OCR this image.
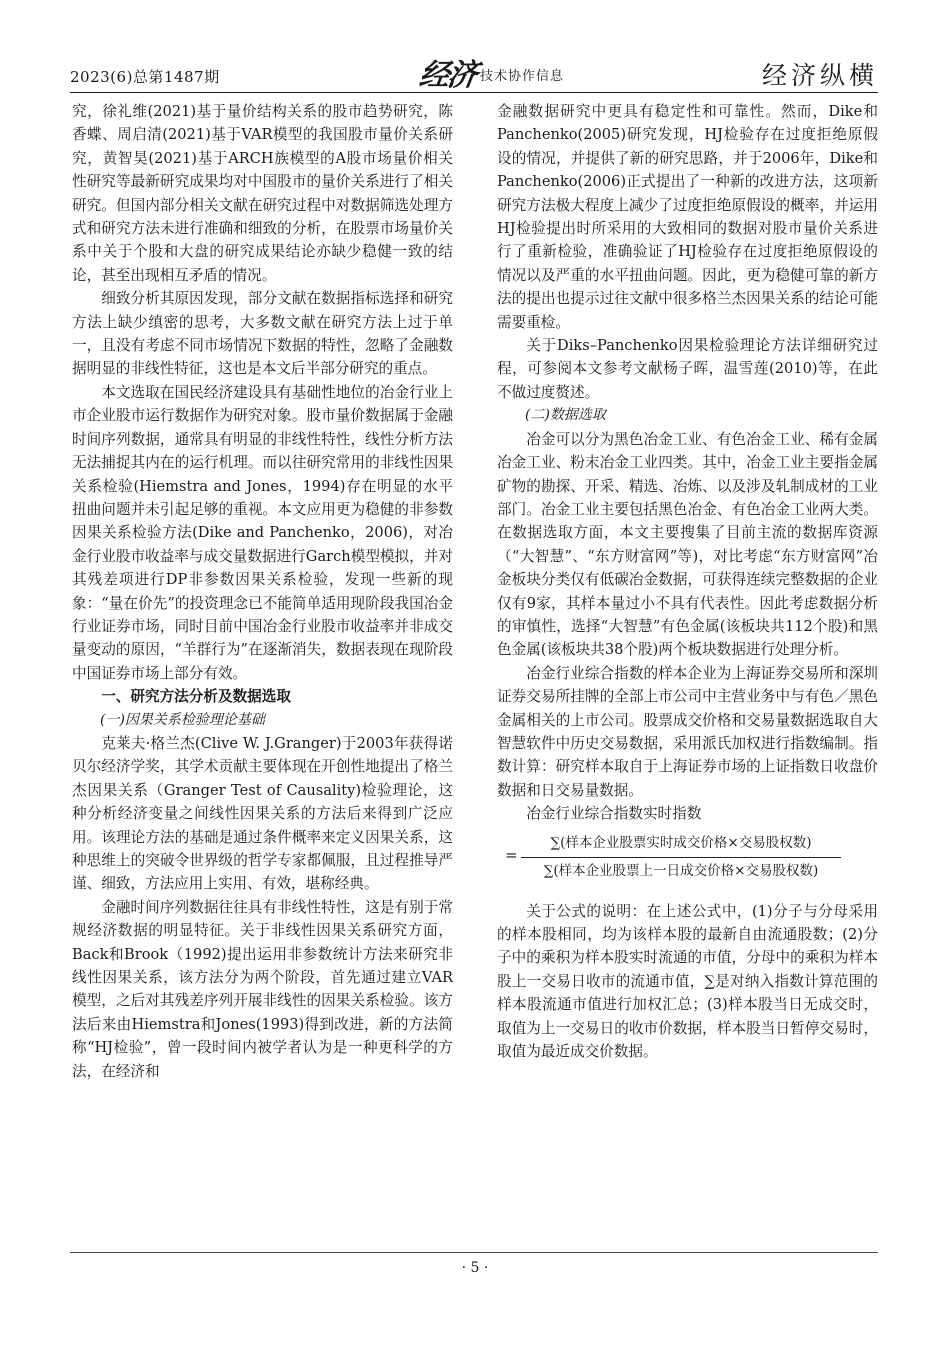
2023(6)总第1487期	经济 技术协作信息	经济纵横

究，徐礼维(2021)基于量价结构关系的股市趋势研究，陈香蝶、周启清(2021)基于VAR模型的我国股市量价关系研究，黄智昊(2021)基于ARCH族模型的A股市场量价相关性研究等最新研究成果均对中国股市的量价关系进行了相关研究。但国内部分相关文献在研究过程中对数据筛选处理方式和研究方法未进行准确和细致的分析，在股票市场量价关系中关于个股和大盘的研究成果结论亦缺少稳健一致的结论，甚至出现相互矛盾的情况。

细致分析其原因发现，部分文献在数据指标选择和研究方法上缺少缜密的思考，大多数文献在研究方法上过于单一，且没有考虑不同市场情况下数据的特性，忽略了金融数据明显的非线性特征，这也是本文后半部分研究的重点。

本文选取在国民经济建设具有基础性地位的冶金行业上市企业股市运行数据作为研究对象。股市量价数据属于金融时间序列数据，通常具有明显的非线性特性，线性分析方法无法捕捉其内在的运行机理。而以往研究常用的非线性因果关系检验(Hiemstra and Jones，1994)存在明显的水平扭曲问题并未引起足够的重视。本文应用更为稳健的非参数因果关系检验方法(Dike and Panchenko，2006)，对冶金行业股市收益率与成交量数据进行Garch模型模拟，并对其残差项进行DP非参数因果关系检验，发现一些新的现象：“量在价先”的投资理念已不能简单适用现阶段我国冶金行业证券市场，同时目前中国冶金行业股市收益率并非成交量变动的原因，“羊群行为”在逐渐消失，数据表现在现阶段中国证券市场上部分有效。

一、研究方法分析及数据选取
(一)因果关系检验理论基础

克莱夫·格兰杰(Clive W. J.Granger)于2003年获得诺贝尔经济学奖，其学术贡献主要体现在开创性地提出了格兰杰因果关系（Granger Test of Causality)检验理论，这种分析经济变量之间线性因果关系的方法后来得到广泛应用。该理论方法的基础是通过条件概率来定义因果关系，这种思维上的突破令世界级的哲学专家都佩服，且过程推导严谨、细致，方法应用上实用、有效，堪称经典。

金融时间序列数据往往具有非线性特性，这是有别于常规经济数据的明显特征。关于非线性因果关系研究方面，Back和Brook（1992)提出运用非参数统计方法来研究非线性因果关系，该方法分为两个阶段，首先通过建立VAR模型，之后对其残差序列开展非线性的因果关系检验。该方法后来由Hiemstra和Jones(1993)得到改进，新的方法简称“HJ检验”，曾一段时间内被学者认为是一种更科学的方法，在经济和

金融数据研究中更具有稳定性和可靠性。然而，Dike和Panchenko(2005)研究发现，HJ检验存在过度拒绝原假设的情况，并提供了新的研究思路，并于2006年，Dike和Panchenko(2006)正式提出了一种新的改进方法，这项新研究方法极大程度上减少了过度拒绝原假设的概率，并运用HJ检验提出时所采用的大致相同的数据对股市量价关系进行了重新检验，准确验证了HJ检验存在过度拒绝原假设的情况以及严重的水平扭曲问题。因此，更为稳健可靠的新方法的提出也提示过往文献中很多格兰杰因果关系的结论可能需要重检。

关于Diks–Panchenko因果检验理论方法详细研究过程，可参阅本文参考文献杨子晖，温雪莲(2010)等，在此不做过度赘述。

(二)数据选取

冶金可以分为黑色冶金工业、有色冶金工业、稀有金属冶金工业、粉末冶金工业四类。其中，冶金工业主要指金属矿物的勘探、开采、精选、冶炼、以及涉及轧制成材的工业部门。冶金工业主要包括黑色冶金、有色冶金工业两大类。在数据选取方面，本文主要搜集了目前主流的数据库资源（“大智慧”、“东方财富网”等)，对比考虑“东方财富网”冶金板块分类仅有低碳冶金数据，可获得连续完整数据的企业仅有9家，其样本量过小不具有代表性。因此考虑数据分析的审慎性，选择“大智慧”有色金属(该板块共112个股)和黑色金属(该板块共38个股)两个板块数据进行处理分析。

冶金行业综合指数的样本企业为上海证券交易所和深圳证券交易所挂牌的全部上市公司中主营业务中与有色／黑色金属相关的上市公司。股票成交价格和交易量数据选取自大智慧软件中历史交易数据，采用派氏加权进行指数编制。指数计算：研究样本取自于上海证券市场的上证指数日收盘价数据和日交易量数据。

冶金行业综合指数实时指数

=
∑(样本企业股票实时成交价格×交易股权数)
∑(样本企业股票上一日成交价格×交易股权数)

关于公式的说明：在上述公式中，(1)分子与分母采用的样本股相同，均为该样本股的最新自由流通股数；(2)分子中的乘积为样本股实时流通的市值，分母中的乘积为样本股上一交易日收市的流通市值，∑是对纳入指数计算范围的样本股流通市值进行加权汇总；(3)样本股当日无成交时，取值为上一交易日的收市价数据，样本股当日暂停交易时，取值为最近成交价数据。

· 5 ·
